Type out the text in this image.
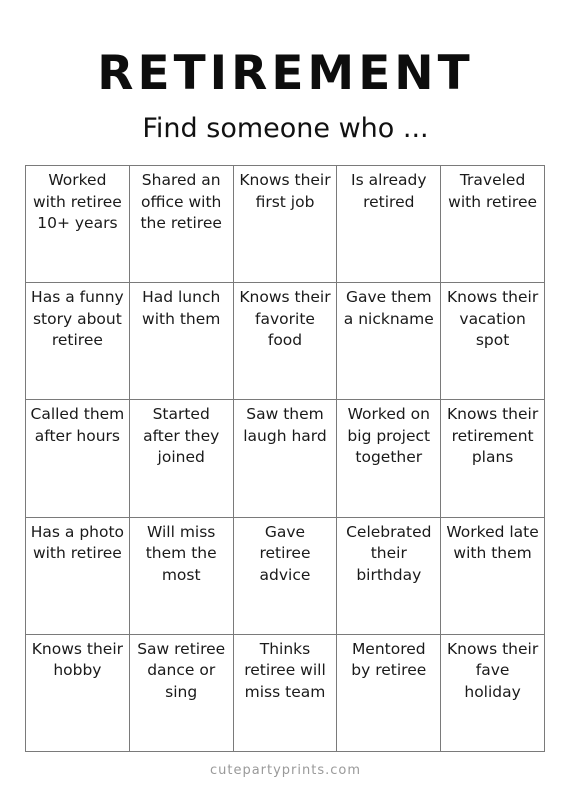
RETIREMENT
Find someone who ...
Worked with retiree 10+ years
Shared an office with the retiree
Knows their first job
Is already retired
Traveled with retiree
Has a funny story about retiree
Had lunch with them
Knows their favorite food
Gave them a nickname
Knows their vacation spot
Called them after hours
Started after they joined
Saw them laugh hard
Worked on big project together
Knows their retirement plans
Has a photo with retiree
Will miss them the most
Gave retiree advice
Celebrated their birthday
Worked late with them
Knows their hobby
Saw retiree dance or sing
Thinks retiree will miss team
Mentored by retiree
Knows their fave holiday
cutepartyprints.com
